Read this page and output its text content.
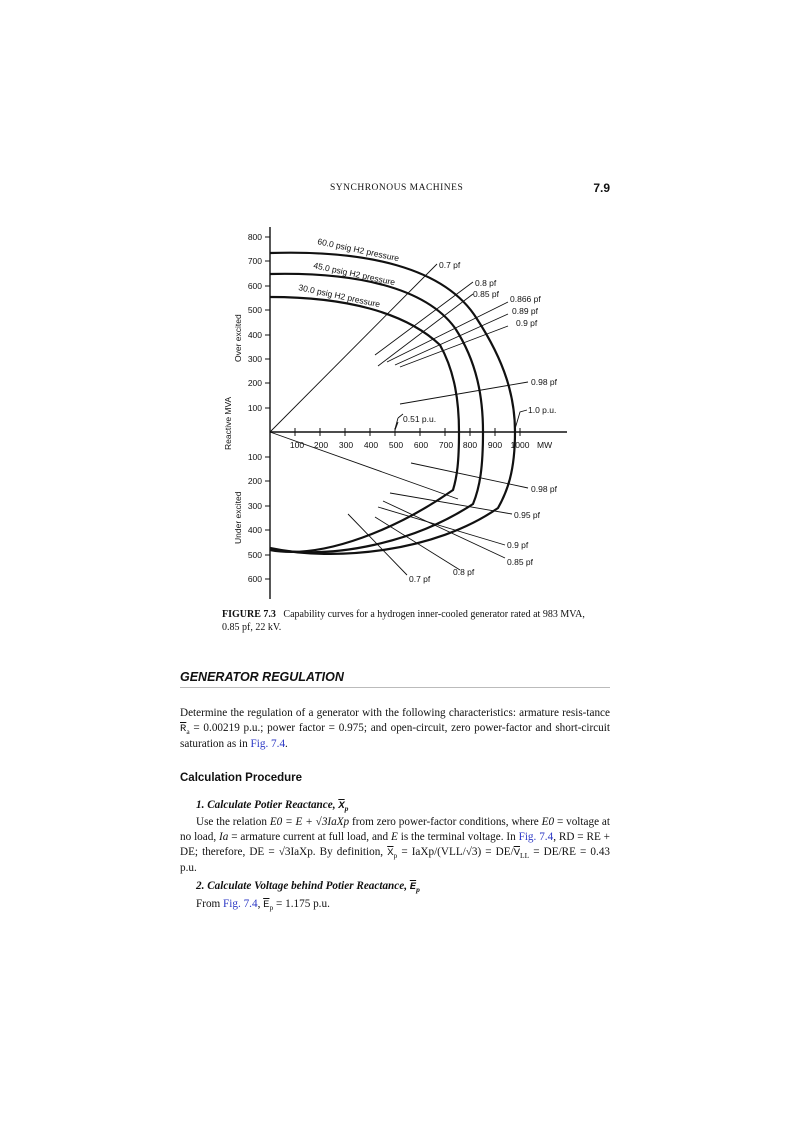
SYNCHRONOUS MACHINES	7.9
800
700
600
500
400
300
200
100
100
200
300
400
500
600
100 200 300 400 500 600 700 800 900 1000 MW
Reactive MVA
Over excited
Under excited
60.0 psig H2 pressure
45.0 psig H2 pressure
30.0 psig H2 pressure
0.7 pf
0.8 pf
0.85 pf 0.866 pf
0.89 pf
0.9 pf
0.98 pf
1.0 p.u.
0.51 p.u.
0.98 pf
0.95 pf
0.9 pf
0.85 pf
0.8 pf
0.7 pf
FIGURE 7.3 Capability curves for a hydrogen inner-cooled generator rated at 983 MVA, 0.85 pf, 22 kV.
GENERATOR REGULATION
Determine the regulation of a generator with the following characteristics: armature resis-tance $\overline{R}_a = 0.00219$ p.u.; power factor = 0.975; and open-circuit, zero power-factor and short-circuit saturation as in Fig. 7.4.
Calculation Procedure
1. Calculate Potier Reactance, $\overline{X}_p$
Use the relation E0 = E + √3IaXp from zero power-factor conditions, where E0 = voltage at no load, Ia = armature current at full load, and E is the terminal voltage. In Fig. 7.4, RD = RE + DE; therefore, DE = √3IaXp. By definition, $\overline{X}_p$ = IaXp/(VLL/√3) = $DE/\overline{V}_{LL} = DE/RE = 0.43$ p.u.
2. Calculate Voltage behind Potier Reactance, $\overline{E}_p$
From Fig. 7.4, $\overline{E}_p = 1.175$ p.u.
